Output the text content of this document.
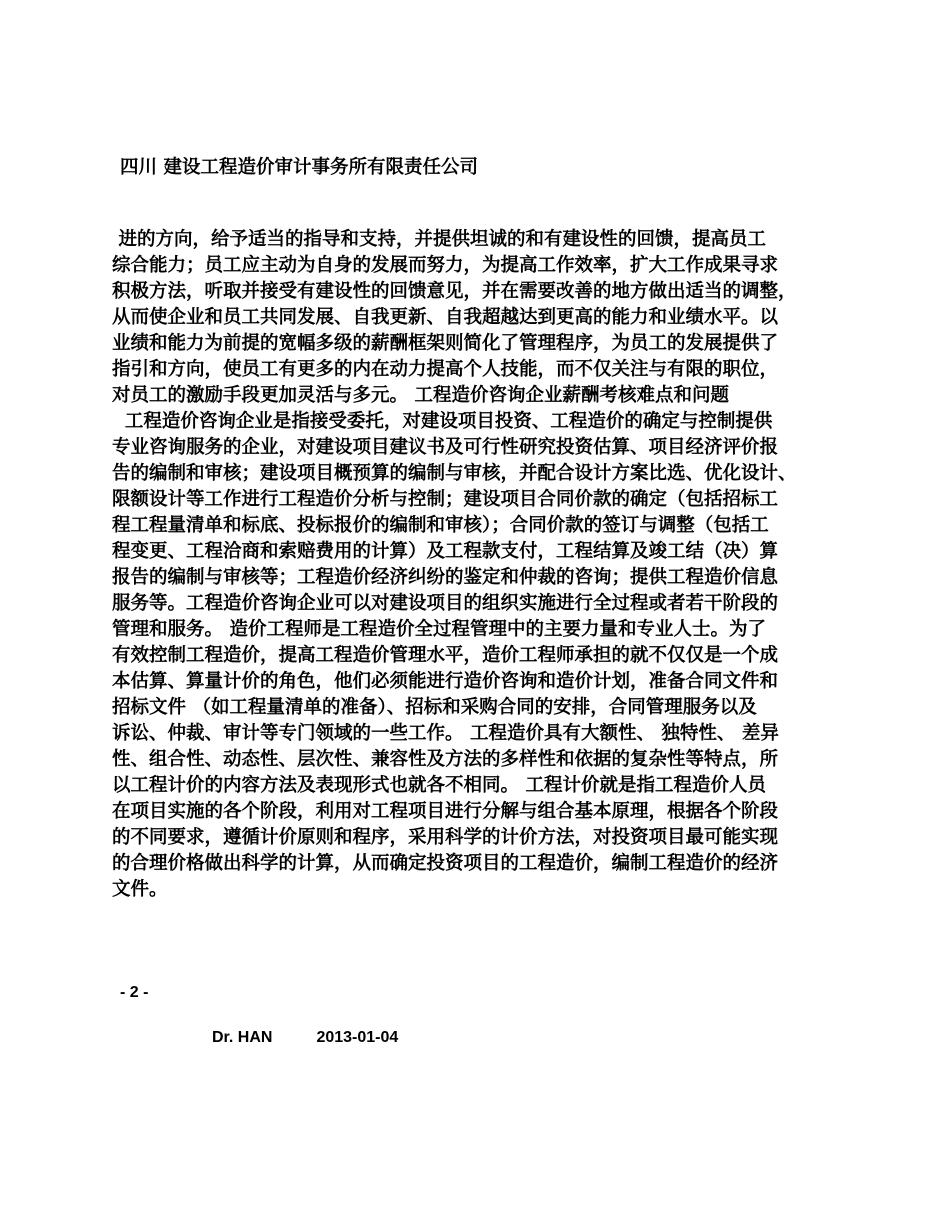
四川 建设工程造价审计事务所有限责任公司
进的方向，给予适当的指导和支持，并提供坦诚的和有建设性的回馈，提高员工
综合能力；员工应主动为自身的发展而努力，为提高工作效率，扩大工作成果寻求
积极方法，听取并接受有建设性的回馈意见，并在需要改善的地方做出适当的调整，
从而使企业和员工共同发展、自我更新、自我超越达到更高的能力和业绩水平。以
业绩和能力为前提的宽幅多级的薪酬框架则简化了管理程序，为员工的发展提供了
指引和方向，使员工有更多的内在动力提高个人技能，而不仅关注与有限的职位，
对员工的激励手段更加灵活与多元。 工程造价咨询企业薪酬考核难点和问题
工程造价咨询企业是指接受委托，对建设项目投资、工程造价的确定与控制提供
专业咨询服务的企业，对建设项目建议书及可行性研究投资估算、项目经济评价报
告的编制和审核；建设项目概预算的编制与审核，并配合设计方案比选、优化设计、
限额设计等工作进行工程造价分析与控制；建设项目合同价款的确定（包括招标工
程工程量清单和标底、投标报价的编制和审核）；合同价款的签订与调整（包括工
程变更、工程洽商和索赔费用的计算）及工程款支付，工程结算及竣工结（决）算
报告的编制与审核等；工程造价经济纠纷的鉴定和仲裁的咨询；提供工程造价信息
服务等。工程造价咨询企业可以对建设项目的组织实施进行全过程或者若干阶段的
管理和服务。 造价工程师是工程造价全过程管理中的主要力量和专业人士。为了
有效控制工程造价，提高工程造价管理水平，造价工程师承担的就不仅仅是一个成
本估算、算量计价的角色，他们必须能进行造价咨询和造价计划，准备合同文件和
招标文件 （如工程量清单的准备）、招标和采购合同的安排，合同管理服务以及
诉讼、仲裁、审计等专门领域的一些工作。 工程造价具有大额性、 独特性、 差异
性、组合性、动态性、层次性、兼容性及方法的多样性和依据的复杂性等特点，所
以工程计价的内容方法及表现形式也就各不相同。 工程计价就是指工程造价人员
在项目实施的各个阶段，利用对工程项目进行分解与组合基本原理，根据各个阶段
的不同要求，遵循计价原则和程序，采用科学的计价方法，对投资项目最可能实现
的合理价格做出科学的计算，从而确定投资项目的工程造价，编制工程造价的经济
文件。
- 2 -
Dr. HAN	2013-01-04
